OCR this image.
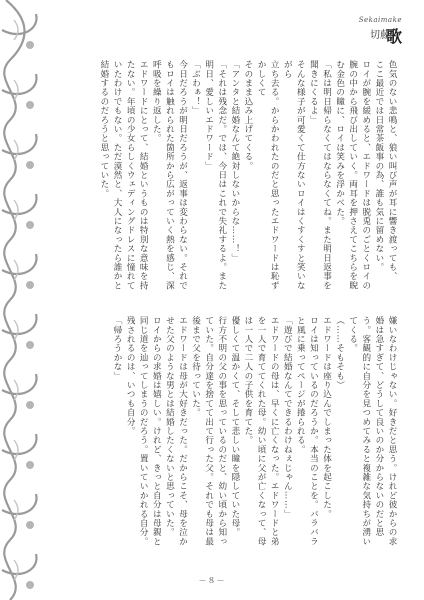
Sekaimake
切藤
歌

色気のない悲鳴と、狼い叫び声が耳に響き渡っても、

ここ最近では日常茶飯事の為、誰も気に留めない。

ロイが腕を緩めると、エドワードは脱兎のごとくロイの

腕の中から飛び出していく。両耳を押さえてこちらを睨

む金色の瞳に、ロイは笑みを浮かべた。

「私は明日帰らなくてはならなくてね。また明日返事を聞きにくるよ」

そんな様子が可愛くて仕方ないロイはくすくすと笑いながら

立ち去る。からかわれたのだと思ったエドワードは恥ずかしくて

そのまま込み上げてくる。

「アンタと結婚なんて絶対しないからな……！」

「それは残念だ。では、今日はこれで失礼するよ。また明日、愛しいエドワード」

「ぶわぁ！」

今日だろうが明日だろうが、返事は変わらない。それでもロイは触れられた箇所から広がっていく熱を感じ、深呼吸を繰り返した。

エドワードにとって、結婚というものは特別な意味を持たない。年頃の少女らしくウェディングドレスに憧れていたわけでもない。ただ漠然と、大人になったら誰かと結婚するのだろうと思っていた。

嫌いなわけじゃない。好きだと思う。けれど彼からの求婚は急すぎて、どうして良いのか分からないのだと思う。客観的に自分を見つめてみると複雑な気持ちが湧いてくる。

（……そもそも）

エドワードは座り込んでしまった体を起こした。

ロイは知っているのだろうか。本当のことを。バラバラと風に乗ってページが捲られる。

「遊びで結婚なんてできるわけねぇじゃん……」

エドワードの母は、早くに亡くなった。エドワードと弟を一人で育ててくれた母。幼い頃に父が亡くなって、母は一人で二人の子供を育てた。

優しくて温かくて、そして悲しい瞳を隠していた母。

行方不明の父の事を思っているのだと、幼い頃から知っていた。自分達を捨てて出て行った父。それでも母は最後まで父を待っていた。

エドワードは母が大好きだった。だからこそ、母を泣かせた父のような男とは結婚したくないと思っていた。

ロイからの求婚は嬉しい。けれど、きっと自分は母親と同じ道を辿ってしまうのだろう。置いていかれる自分。残されるのは、いつも自分。

「帰ろうかな」

－８－
